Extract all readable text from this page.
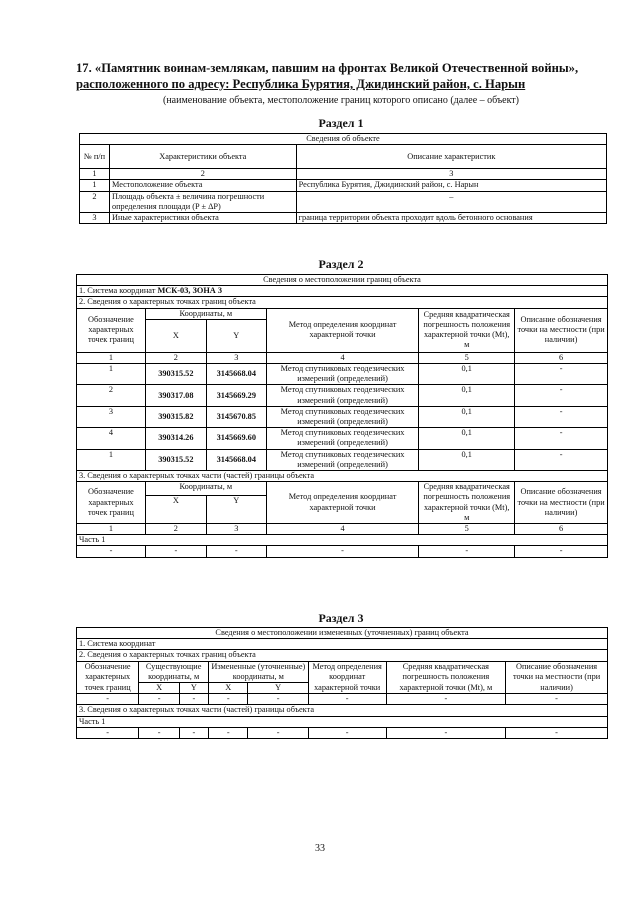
17. «Памятник воинам-землякам, павшим на фронтах Великой Отечественной войны»,
расположенного по адресу: Республика Бурятия, Джидинский район, с. Нарын
(наименование объекта, местоположение границ которого описано (далее – объект)
Раздел 1
Сведения об объекте		
№ п/п	Характеристики объекта	Описание характеристик
1	2	3
1	Местоположение объекта	Республика Бурятия, Джидинский район, с. Нарын
2	Площадь объекта ± величина погрешности определения площади (P ± ΔP)	–
3	Иные характеристики объекта	граница территории объекта проходит вдоль бетонного основания
Раздел 2
Сведения о местоположении границ объекта					
1. Система координат МСК-03, ЗОНА 3					
2. Сведения о характерных точках границ объекта					
Обозначение характерных точек границ	Координаты, м		Метод определения координат характерной точки	Средняя квадратическая погрешность положения характерной точки (Mt), м	Описание обозначения точки на местности (при наличии)
	X	Y			
1	2	3	4	5	6
1	390315.52	3145668.04	Метод спутниковых геодезических измерений (определений)	0,1	-
2	390317.08	3145669.29	Метод спутниковых геодезических измерений (определений)	0,1	-
3	390315.82	3145670.85	Метод спутниковых геодезических измерений (определений)	0,1	-
4	390314.26	3145669.60	Метод спутниковых геодезических измерений (определений)	0,1	-
1	390315.52	3145668.04	Метод спутниковых геодезических измерений (определений)	0,1	-
3. Сведения о характерных точках части (частей) границы объекта					
Обозначение характерных точек границ	Координаты, м		Метод определения координат характерной точки	Средняя квадратическая погрешность положения характерной точки (Mt), м	Описание обозначения точки на местности (при наличии)
	X	Y			
1	2	3	4	5	6
Часть 1					
-	-	-	-	-	-
Раздел 3
Сведения о местоположении измененных (уточненных) границ объекта							
1. Система координат							
2. Сведения о характерных точках границ объекта							
Обозначение характерных точек границ	Существующие координаты, м		Измененные (уточненные) координаты, м		Метод определения координат характерной точки	Средняя квадратическая погрешность положения характерной точки (Mt), м	Описание обозначения точки на местности (при наличии)
	X	Y	X	Y			
-	-	-	-	-	-	-	-
3. Сведения о характерных точках части (частей) границы объекта							
Часть 1							
-	-	-	-	-	-	-	-
33
